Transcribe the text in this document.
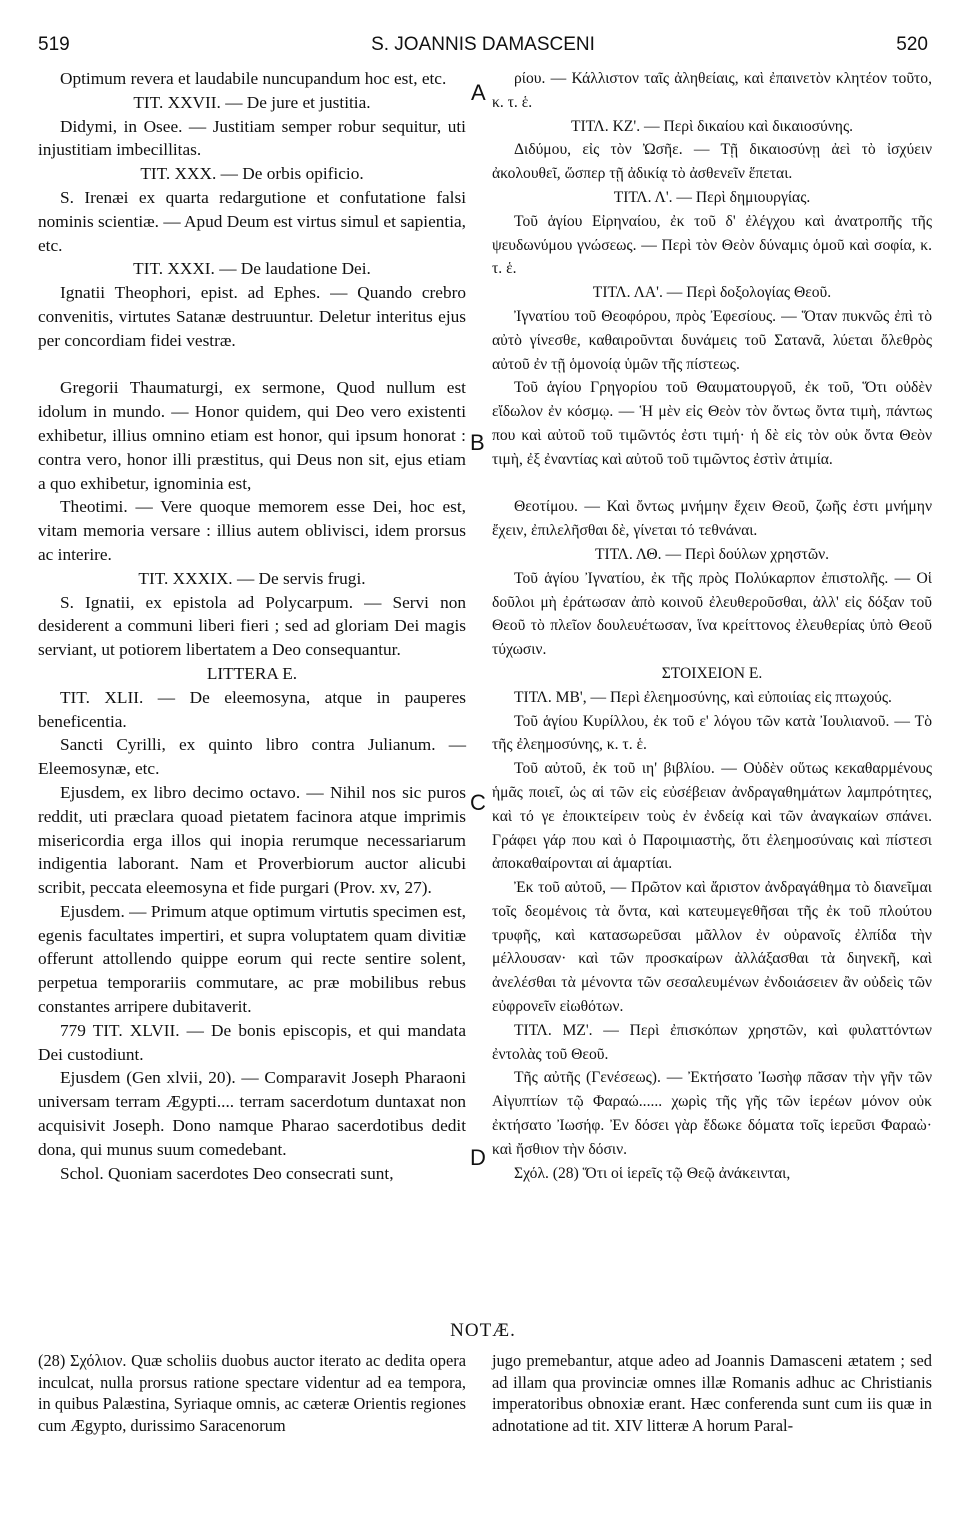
519	S. JOANNIS DAMASCENI	520

Optimum revera et laudabile nuncupandum hoc est, etc.

TIT. XXVII. — De jure et justitia.

Didymi, in Osee. — Justitiam semper robur sequitur, uti injustitiam imbecillitas.

TIT. XXX. — De orbis opificio.

S. Irenæi ex quarta redargutione et confutatione falsi nominis scientiæ. — Apud Deum est virtus simul et sapientia, etc.

TIT. XXXI. — De laudatione Dei.

Ignatii Theophori, epist. ad Ephes. — Quando crebro convenitis, virtutes Satanæ destruuntur. Deletur interitus ejus per concordiam fidei vestræ.

Gregorii Thaumaturgi, ex sermone, Quod nullum est idolum in mundo. — Honor quidem, qui Deo vero existenti exhibetur, illius omnino etiam est honor, qui ipsum honorat : contra vero, honor illi præstitus, qui Deus non sit, ejus etiam a quo exhibetur, ignominia est,

Theotimi. — Vere quoque memorem esse Dei, hoc est, vitam memoria versare : illius autem oblivisci, idem prorsus ac interire.

TIT. XXXIX. — De servis frugi.

S. Ignatii, ex epistola ad Polycarpum. — Servi non desiderent a communi liberi fieri ; sed ad gloriam Dei magis serviant, ut potiorem libertatem a Deo consequantur.

LITTERA E.

TIT. XLII. — De eleemosyna, atque in pauperes beneficentia.

Sancti Cyrilli, ex quinto libro contra Julianum. — Eleemosynæ, etc.

Ejusdem, ex libro decimo octavo. — Nihil nos sic puros reddit, uti præclara quoad pietatem facinora atque imprimis misericordia erga illos qui inopia rerumque necessariarum indigentia laborant. Nam et Proverbiorum auctor alicubi scribit, peccata eleemosyna et fide purgari (Prov. xv, 27).

Ejusdem. — Primum atque optimum virtutis specimen est, egenis facultates impertiri, et supra voluptatem quam divitiæ offerunt attollendo quippe eorum qui recte sentire solent, perpetua temporariis commutare, ac præ mobilibus rebus constantes arripere dubitaverit.

779 TIT. XLVII. — De bonis episcopis, et qui mandata Dei custodiunt.

Ejusdem (Gen xlvii, 20). — Comparavit Joseph Pharaoni universam terram Ægypti.... terram sacerdotum duntaxat non acquisivit Joseph. Dono namque Pharao sacerdotibus dedit dona, qui munus suum comedebant.

Schol. Quoniam sacerdotes Deo consecrati sunt,

ρίου. — Κάλλιστον ταῖς ἀληθείαις, καὶ ἐπαινετὸν κλητέον τοῦτο, κ. τ. ἑ.

ΤΙΤΛ. ΚΖ'. — Περὶ δικαίου καὶ δικαιοσύνης.

Διδύμου, εἰς τὸν Ὠσῆε. — Τῇ δικαιοσύνῃ ἀεὶ τὸ ἰσχύειν ἀκολουθεῖ, ὥσπερ τῇ ἀδικίᾳ τὸ ἀσθενεῖν ἕπεται.

ΤΙΤΛ. Λ'. — Περὶ δημιουργίας.

Τοῦ ἁγίου Εἰρηναίου, ἐκ τοῦ δ' ἐλέγχου καὶ ἀνατροπῆς τῆς ψευδωνύμου γνώσεως. — Περὶ τὸν Θεὸν δύναμις ὁμοῦ καὶ σοφία, κ. τ. ἑ.

ΤΙΤΛ. ΛΑ'. — Περὶ δοξολογίας Θεοῦ.

Ἰγνατίου τοῦ Θεοφόρου, πρὸς Ἐφεσίους. — Ὅταν πυκνῶς ἐπὶ τὸ αὐτὸ γίνεσθε, καθαιροῦνται δυνάμεις τοῦ Σατανᾶ, λύεται ὄλεθρὸς αὐτοῦ ἐν τῇ ὁμονοίᾳ ὑμῶν τῆς πίστεως.

Τοῦ ἁγίου Γρηγορίου τοῦ Θαυματουργοῦ, ἐκ τοῦ, Ὅτι οὐδὲν εἴδωλον ἐν κόσμῳ. — Ἡ μὲν εἰς Θεὸν τὸν ὄντως ὄντα τιμὴ, πάντως που καὶ αὐτοῦ τοῦ τιμῶντός ἐστι τιμή· ἡ δὲ εἰς τὸν οὐκ ὄντα Θεὸν τιμὴ, ἐξ ἐναντίας καὶ αὐτοῦ τοῦ τιμῶντος ἐστὶν ἀτιμία.

Θεοτίμου. — Καὶ ὄντως μνήμην ἔχειν Θεοῦ, ζωῆς ἐστι μνήμην ἔχειν, ἐπιλελῆσθαι δὲ, γίνεται τό τεθνάναι.

ΤΙΤΛ. ΛΘ. — Περὶ δούλων χρηστῶν.

Τοῦ ἁγίου Ἰγνατίου, ἐκ τῆς πρὸς Πολύκαρπον ἐπιστολῆς. — Οἱ δοῦλοι μὴ ἐράτωσαν ἀπὸ κοινοῦ ἐλευθεροῦσθαι, ἀλλ' εἰς δόξαν τοῦ Θεοῦ τὸ πλεῖον δουλευέτωσαν, ἵνα κρείττονος ἐλευθερίας ὑπὸ Θεοῦ τύχωσιν.

ΣΤΟΙΧΕΙΟΝ Ε.

ΤΙΤΛ. ΜΒ', — Περὶ ἐλεημοσύνης, καὶ εὐποιίας εἰς πτωχούς.

Τοῦ ἁγίου Κυρίλλου, ἐκ τοῦ ε' λόγου τῶν κατὰ Ἰουλιανοῦ. — Τὸ τῆς ἐλεημοσύνης, κ. τ. ἑ.

Τοῦ αὐτοῦ, ἐκ τοῦ ιη' βιβλίου. — Οὐδὲν οὕτως κεκαθαρμένους ἡμᾶς ποιεῖ, ὡς αἱ τῶν εἰς εὐσέβειαν ἀνδραγαθημάτων λαμπρότητες, καὶ τό γε ἐποικτείρειν τοὺς ἐν ἐνδείᾳ καὶ τῶν ἀναγκαίων σπάνει. Γράφει γάρ που καὶ ὁ Παροιμιαστὴς, ὅτι ἐλεημοσύναις καὶ πίστεσι ἀποκαθαίρονται αἱ ἁμαρτίαι.

Ἐκ τοῦ αὐτοῦ, — Πρῶτον καὶ ἄριστον ἀνδραγάθημα τὸ διανεῖμαι τοῖς δεομένοις τὰ ὄντα, καὶ κατευμεγεθῆσαι τῆς ἐκ τοῦ πλούτου τρυφῆς, καὶ κατασωρεῦσαι μᾶλλον ἐν οὐρανοῖς ἐλπίδα τὴν μέλλουσαν· καὶ τῶν προσκαίρων ἀλλάξασθαι τὰ διηνεκῆ, καὶ ἀνελέσθαι τὰ μένοντα τῶν σεσαλευμένων ἐνδοιάσειεν ἂν οὐδεὶς τῶν εὐφρονεῖν εἰωθότων.

ΤΙΤΛ. ΜΖ'. — Περὶ ἐπισκόπων χρηστῶν, καὶ φυλαττόντων ἐντολὰς τοῦ Θεοῦ.

Τῆς αὐτῆς (Γενέσεως). — Ἐκτήσατο Ἰωσὴφ πᾶσαν τὴν γῆν τῶν Αἰγυπτίων τῷ Φαραώ...... χωρὶς τῆς γῆς τῶν ἱερέων μόνον οὐκ ἐκτήσατο Ἰωσήφ. Ἐν δόσει γὰρ ἔδωκε δόματα τοῖς ἱερεῦσι Φαραὼ· καὶ ἤσθιον τὴν δόσιν.

Σχόλ. (28) Ὅτι οἱ ἱερεῖς τῷ Θεῷ ἀνάκεινται,

A
B
C
D
NOTÆ.

(28) Σχόλιον. Quæ scholiis duobus auctor iterato ac dedita opera inculcat, nulla prorsus ratione spectare videntur ad ea tempora, in quibus Palæstina, Syriaque omnis, ac cæteræ Orientis regiones cum Ægypto, durissimo Saracenorum

jugo premebantur, atque adeo ad Joannis Damasceni ætatem ; sed ad illam qua provinciæ omnes illæ Romanis adhuc ac Christianis imperatoribus obnoxiæ erant. Hæc conferenda sunt cum iis quæ in adnotatione ad tit. XIV litteræ A horum Paral-
